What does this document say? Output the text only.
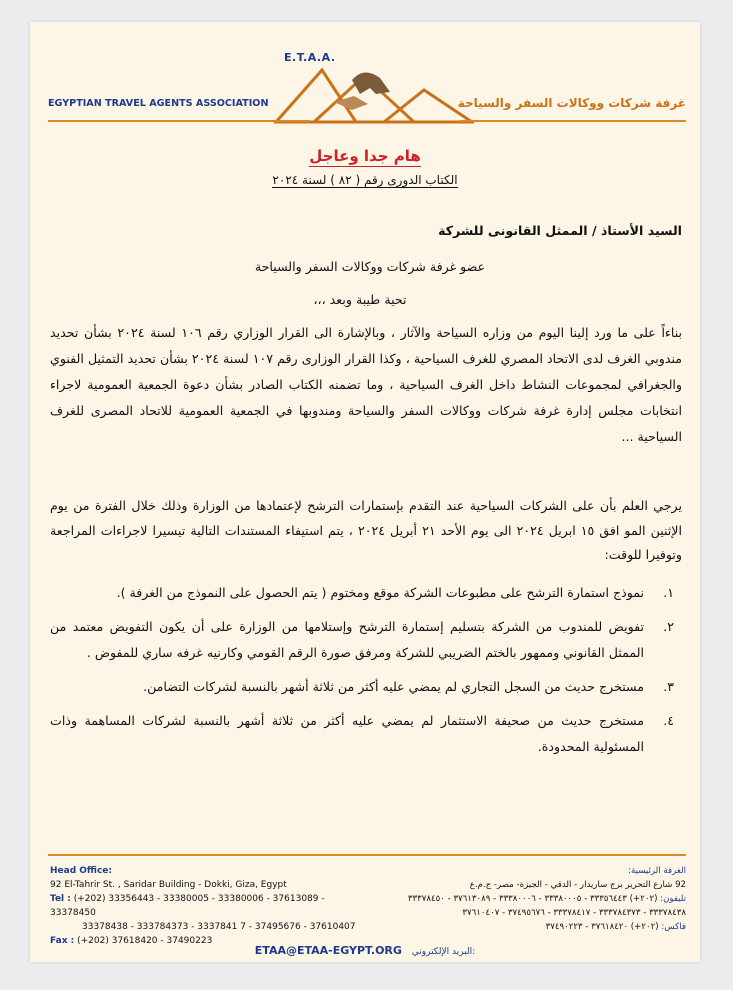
E.T.A.A.
EGYPTIAN TRAVEL AGENTS ASSOCIATION	غرفة شركات ووكالات السفر والسياحة
هام جدا وعاجل
الكتاب الدورى رقم ( ٨٢ ) لسنة ٢٠٢٤

السيد الأستاذ / الممثل القانونى للشركة

عضو غرفة شركات ووكالات السفر والسياحة

تحية طيبة وبعد ،،،

بناءاً على ما ورد إلينا اليوم من وزاره السياحة والآثار ، وبالإشارة الى القرار الوزاري رقم ١٠٦ لسنة ٢٠٢٤ بشأن تحديد مندوبي الغرف لدى الاتحاد المصري للغرف السياحية ، وكذا القرار الوزارى رقم ١٠٧ لسنة ٢٠٢٤ بشأن تحديد التمثيل الفنوي والجغرافي لمجموعات النشاط داخل الغرف السياحية ، وما تضمنه الكتاب الصادر بشأن دعوة الجمعية العمومية لاجراء انتخابات مجلس إدارة غرفة شركات ووكالات السفر والسياحة ومندوبها في الجمعية العمومية للاتحاد المصرى للغرف السياحية ...

يرجي العلم بأن على الشركات السياحية عند التقدم بإستمارات الترشح لإعتمادها من الوزارة وذلك خلال الفترة من يوم الإثنين المو افق ١٥ ابريل ٢٠٢٤ الى يوم الأحد ٢١ أبريل ٢٠٢٤ ، يتم استيفاء المستندات التالية تيسيرا لاجراءات المراجعة وتوفيرا للوقت:

١.
نموذج استمارة الترشح على مطبوعات الشركة موقع ومختوم ( يتم الحصول على النموذج من الغرفة ).
٢.
تفويض للمندوب من الشركة بتسليم إستمارة الترشح وإستلامها من الوزارة على أن يكون التفويض معتمد من الممثل القانوني وممهور بالختم الضريبي للشركة ومرفق صورة الرقم القومي وكارنيه غرفه ساري للمفوض .
٣.
مستخرج حديث من السجل التجاري لم يمضي عليه أكثر من ثلاثة أشهر بالنسبة لشركات التضامن.
٤.
مستخرج حديث من صحيفة الاستثمار لم يمضي عليه أكثر من ثلاثة أشهر بالنسبة لشركات المساهمة وذات المسئولية المحدودة.
Head Office:
92 El-Tahrir St. , Saridar Building - Dokki, Giza, Egypt
Tel : (+202) 33356443 - 33380005 - 33380006 - 37613089 - 33378450
33378438 - 333784373 - 3337841 7 - 37495676 - 37610407
Fax : (+202) 37618420 - 37490223
الغرفة الرئيسية:
92 شارع التحرير برج ساريدار - الدقي - الجيزة- مصر- ج.م.ع
تليفون: (٢٠٢+) ٣٣٣٥٦٤٤٣ - ٣٣٣٨٠٠٠٥ - ٣٣٣٨٠٠٠٦ - ٣٧٦١٣٠٨٩ - ٣٣٣٧٨٤٥٠
٣٣٣٧٨٤٣٨ - ٣٣٣٧٨٤٣٧٣ - ٣٣٣٧٨٤١٧ - ٣٧٤٩٥٦٧٦ - ٣٧٦١٠٤٠٧
فاكس: (٢٠٢+) ٣٧٦١٨٤٢٠ - ٣٧٤٩٠٢٢٣
ETAA@ETAA-EGYPT.ORG البريد الإلكتروني:
